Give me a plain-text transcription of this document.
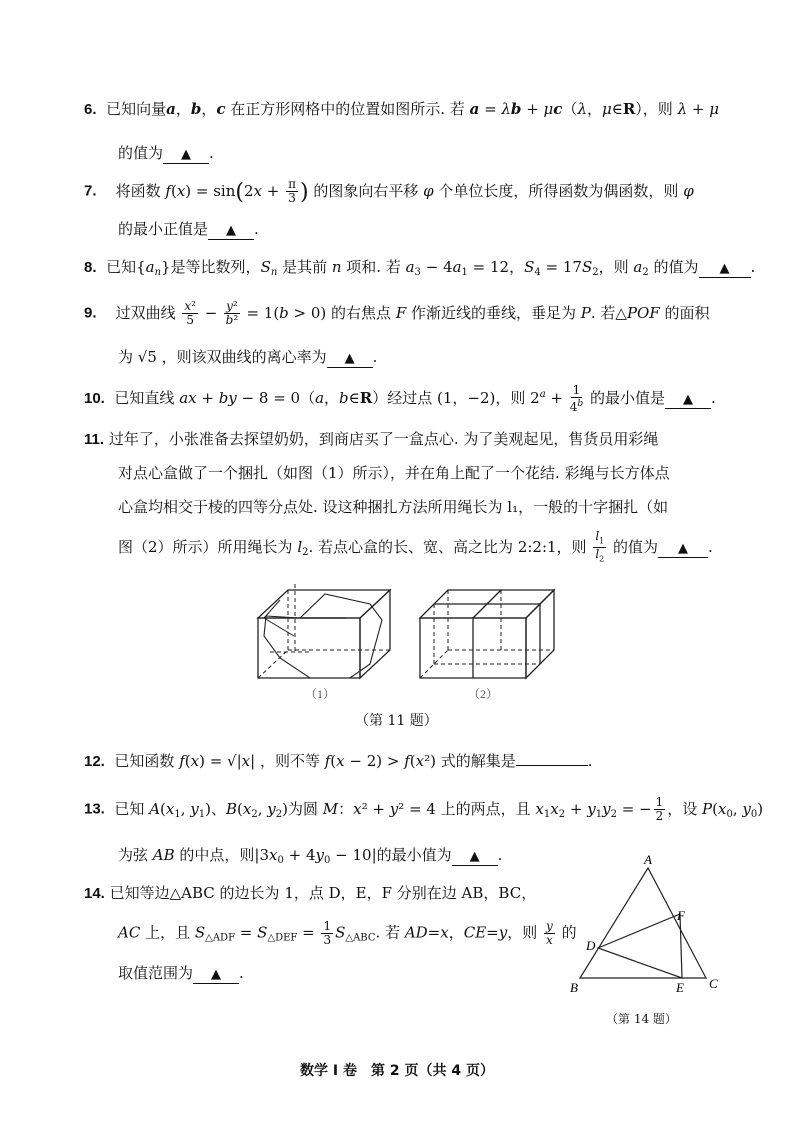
6.  已知向量a，b，c 在正方形网格中的位置如图所示. 若 a = λb + μc（λ，μ∈R），则 λ + μ
的值为 ▲ .
7.    将函数 $f(x) = \sin(2x + \frac{\pi}{3}$ ) 的图象向右平移 φ 个单位长度，所得函数为偶函数，则 φ
的最小正值是 ▲ .
8.  已知$\{a_n\}$是等比数列，$S_n$ 是其前 n 项和. 若 $a_3 - 4a_1 = 12$，$S_4 = 17S_2$，则 $a_2$ 的值为 ▲ .
9.    过双曲线 $\frac{\text{x²}}{5} - \frac{\text{y²}}{\text{b²}} = 1(b > 0)$ 的右焦点 F 作渐近线的垂线，垂足为 P. 若△POF 的面积
为 √5 ，则该双曲线的离心率为 ▲ .
10.  已知直线 ax + by − 8 = 0（a，b∈R）经过点 (1，−2)，则 $2^a + \frac{1}{4^b}$ 的最小值是 ▲ .
11. 过年了，小张准备去探望奶奶，到商店买了一盒点心. 为了美观起见，售货员用彩绳
对点心盒做了一个捆扎（如图（1）所示），并在角上配了一个花结. 彩绳与长方体点
心盒均相交于棱的四等分点处. 设这种捆扎方法所用绳长为 l₁，一般的十字捆扎（如
图（2）所示）所用绳长为 $l_2$. 若点心盒的长、宽、高之比为 2:2:1，则 $\frac{l_1}{l_2}$ 的值为 ▲ .
（1）	（2）
（第 11 题）
12.  已知函数 f(x) = √|x| ，则不等 f(x − 2) > f(x²) 式的解集是	.
13.  已知 $A(x_1$, $y_1$)、$B(x_2$, $y_2$)为圆 M：x² + y² = 4 上的两点，且 $x_1x_2 + y_1y_2$ = − $\frac{1}{2}$ ，设 $P(x_0$, $y_0$)
为弦 AB 的中点，则$|3x_0 + 4y_0 - 10|$的最小值为 ▲ .
14. 已知等边△ABC 的边长为 1，点 D，E，F 分别在边 AB，BC，
AC 上，且 $S_{\triangle ADF} = S_{\triangle DEF} = \frac{1}{3} S_{\triangle ABC}$. 若 AD=x，CE=y，则 $\frac{y}{x}$ 的
取值范围为 ▲ .
A
B	C
D
E
F
（第 14 题）
数学 Ⅰ 卷　第 2 页（共 4 页）
